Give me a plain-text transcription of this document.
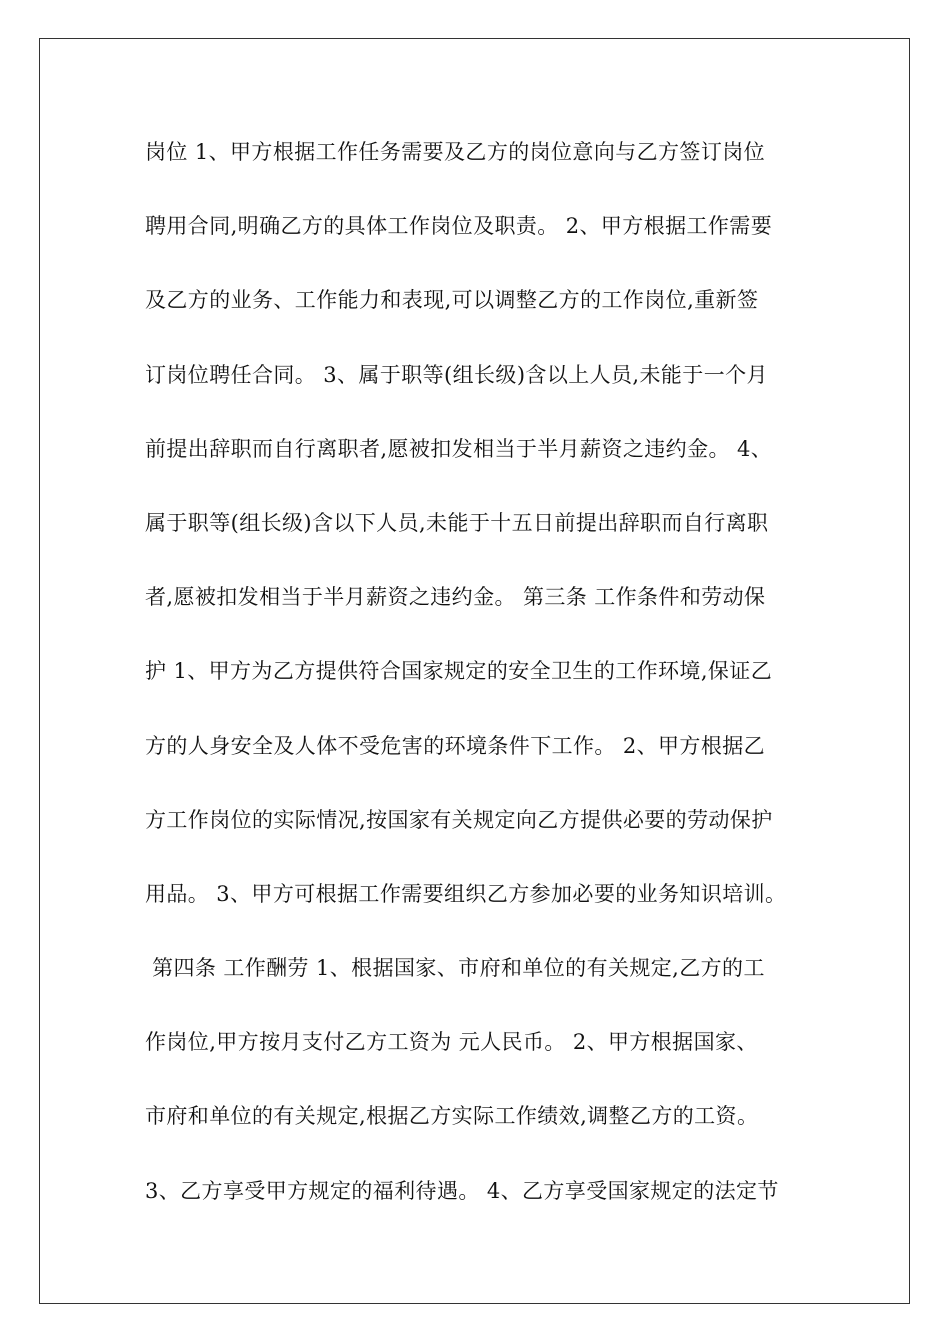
岗位 1、甲方根据工作任务需要及乙方的岗位意向与乙方签订岗位
聘用合同,明确乙方的具体工作岗位及职责。 2、甲方根据工作需要
及乙方的业务、工作能力和表现,可以调整乙方的工作岗位,重新签
订岗位聘任合同。 3、属于职等(组长级)含以上人员,未能于一个月
前提出辞职而自行离职者,愿被扣发相当于半月薪资之违约金。 4、
属于职等(组长级)含以下人员,未能于十五日前提出辞职而自行离职
者,愿被扣发相当于半月薪资之违约金。 第三条 工作条件和劳动保
护 1、甲方为乙方提供符合国家规定的安全卫生的工作环境,保证乙
方的人身安全及人体不受危害的环境条件下工作。 2、甲方根据乙
方工作岗位的实际情况,按国家有关规定向乙方提供必要的劳动保护
用品。 3、甲方可根据工作需要组织乙方参加必要的业务知识培训。
第四条 工作酬劳 1、根据国家、市府和单位的有关规定,乙方的工
作岗位,甲方按月支付乙方工资为 元人民币。 2、甲方根据国家、
市府和单位的有关规定,根据乙方实际工作绩效,调整乙方的工资。
3、乙方享受甲方规定的福利待遇。 4、乙方享受国家规定的法定节
